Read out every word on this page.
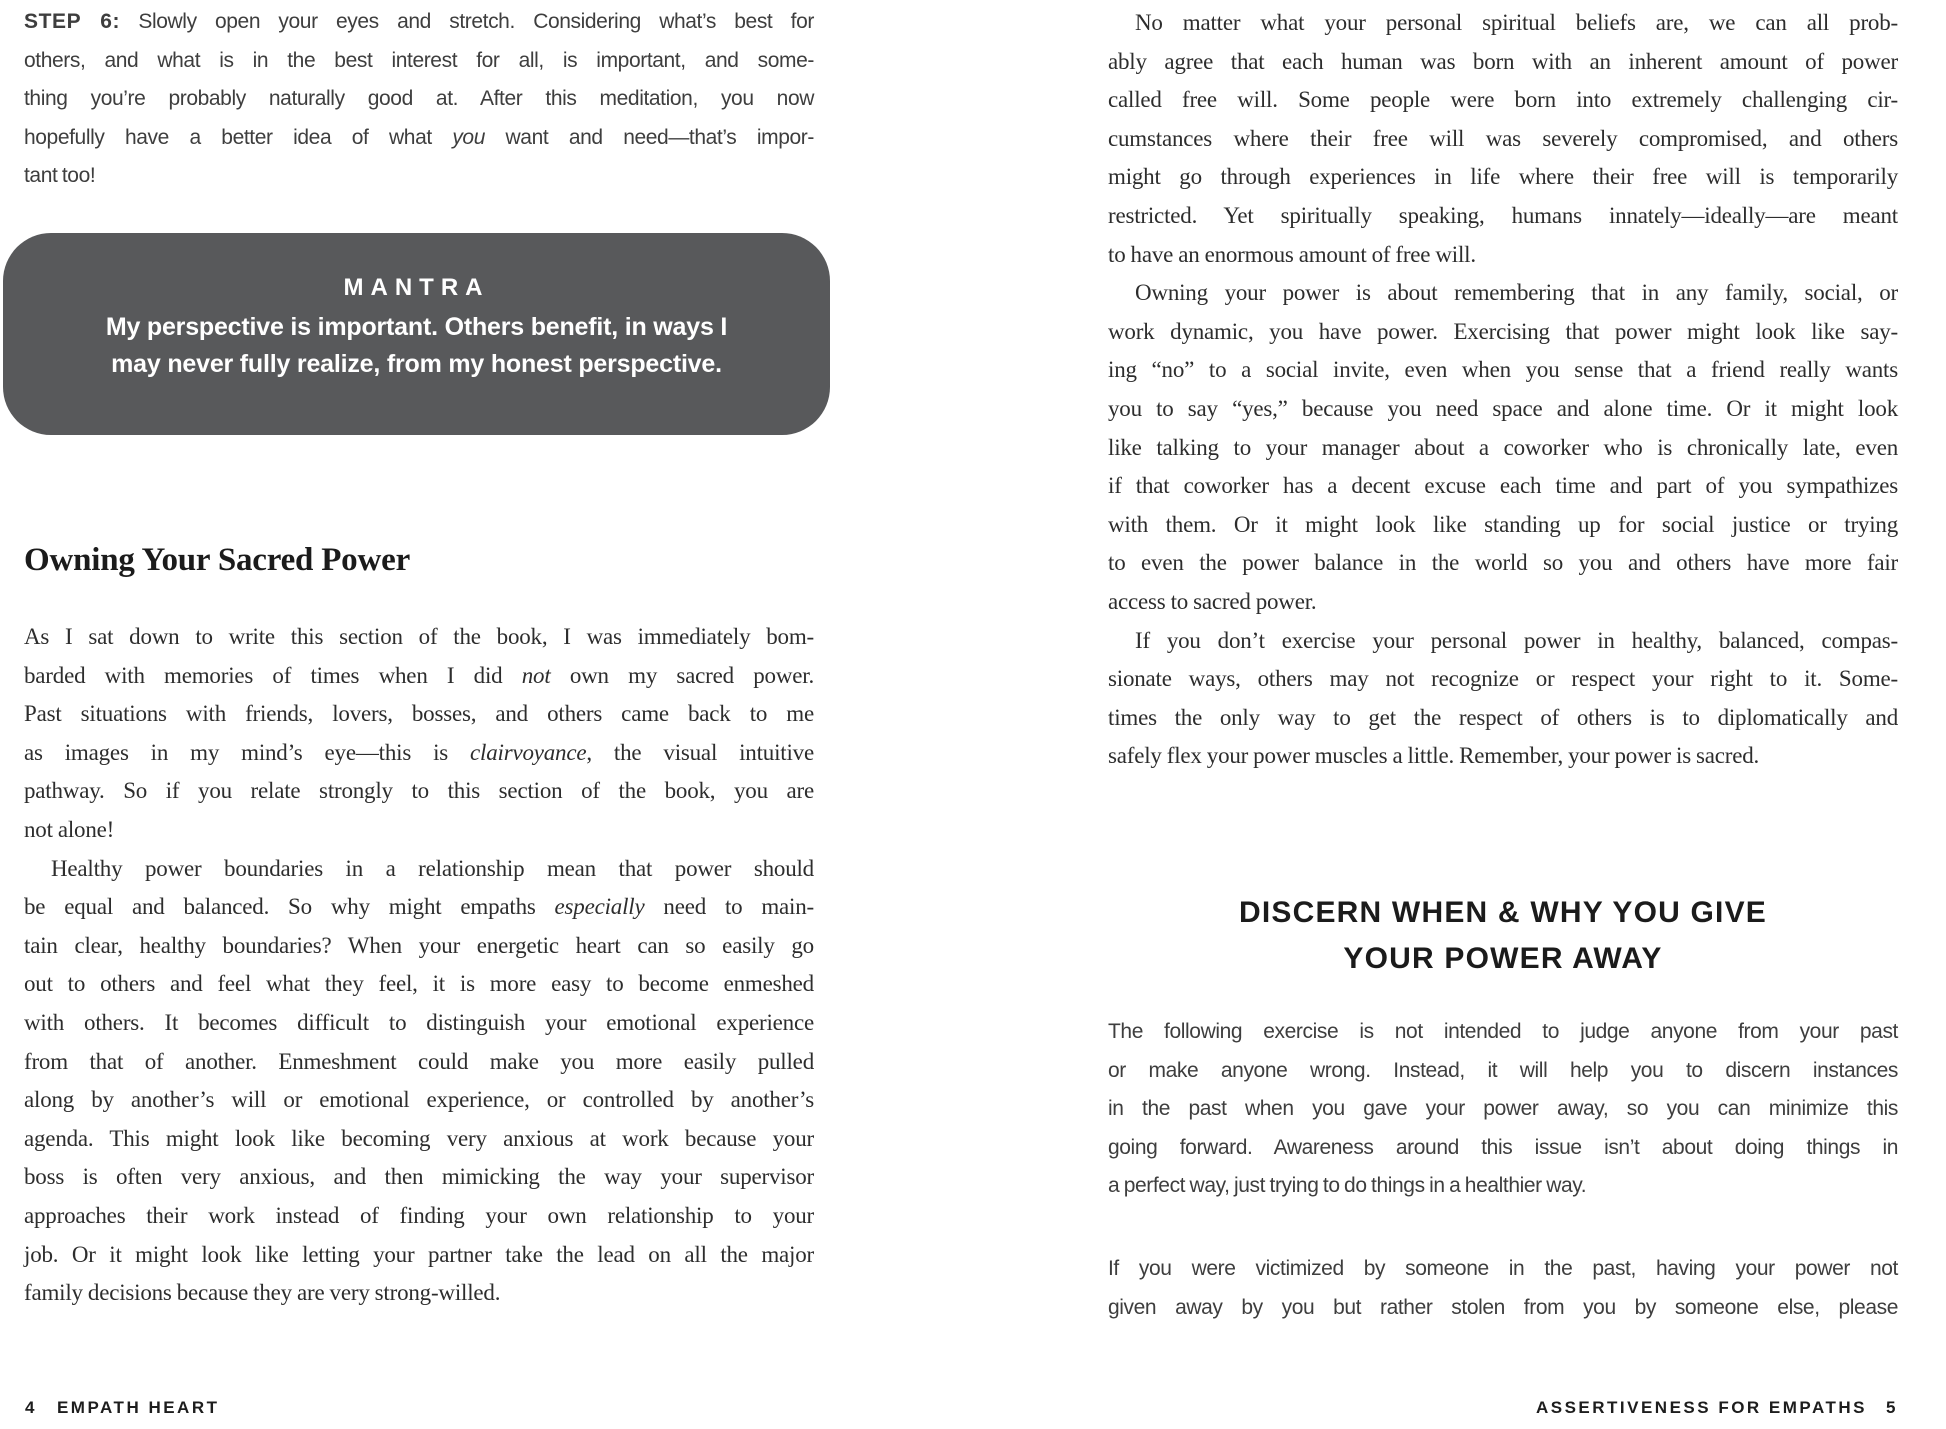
STEP 6: Slowly open your eyes and stretch. Considering what’s best for
others, and what is in the best interest for all, is important, and some-
thing you’re probably naturally good at. After this meditation, you now
hopefully have a better idea of what you want and need—that’s impor-
tant too!
MANTRA
My perspective is important. Others benefit, in ways I
may never fully realize, from my honest perspective.
Owning Your Sacred Power
As I sat down to write this section of the book, I was immediately bom-
barded with memories of times when I did not own my sacred power.
Past situations with friends, lovers, bosses, and others came back to me
as images in my mind’s eye—this is clairvoyance, the visual intuitive
pathway. So if you relate strongly to this section of the book, you are
not alone!
Healthy power boundaries in a relationship mean that power should
be equal and balanced. So why might empaths especially need to main-
tain clear, healthy boundaries? When your energetic heart can so easily go
out to others and feel what they feel, it is more easy to become enmeshed
with others. It becomes difficult to distinguish your emotional experience
from that of another. Enmeshment could make you more easily pulled
along by another’s will or emotional experience, or controlled by another’s
agenda. This might look like becoming very anxious at work because your
boss is often very anxious, and then mimicking the way your supervisor
approaches their work instead of finding your own relationship to your
job. Or it might look like letting your partner take the lead on all the major
family decisions because they are very strong-willed.
4 EMPATH HEART
No matter what your personal spiritual beliefs are, we can all prob-
ably agree that each human was born with an inherent amount of power
called free will. Some people were born into extremely challenging cir-
cumstances where their free will was severely compromised, and others
might go through experiences in life where their free will is temporarily
restricted. Yet spiritually speaking, humans innately—ideally—are meant
to have an enormous amount of free will.
Owning your power is about remembering that in any family, social, or
work dynamic, you have power. Exercising that power might look like say-
ing “no” to a social invite, even when you sense that a friend really wants
you to say “yes,” because you need space and alone time. Or it might look
like talking to your manager about a coworker who is chronically late, even
if that coworker has a decent excuse each time and part of you sympathizes
with them. Or it might look like standing up for social justice or trying
to even the power balance in the world so you and others have more fair
access to sacred power.
If you don’t exercise your personal power in healthy, balanced, compas-
sionate ways, others may not recognize or respect your right to it. Some-
times the only way to get the respect of others is to diplomatically and
safely flex your power muscles a little. Remember, your power is sacred.
DISCERN WHEN & WHY YOU GIVE
YOUR POWER AWAY
The following exercise is not intended to judge anyone from your past
or make anyone wrong. Instead, it will help you to discern instances
in the past when you gave your power away, so you can minimize this
going forward. Awareness around this issue isn’t about doing things in
a perfect way, just trying to do things in a healthier way.
If you were victimized by someone in the past, having your power not
given away by you but rather stolen from you by someone else, please
ASSERTIVENESS FOR EMPATHS 5
